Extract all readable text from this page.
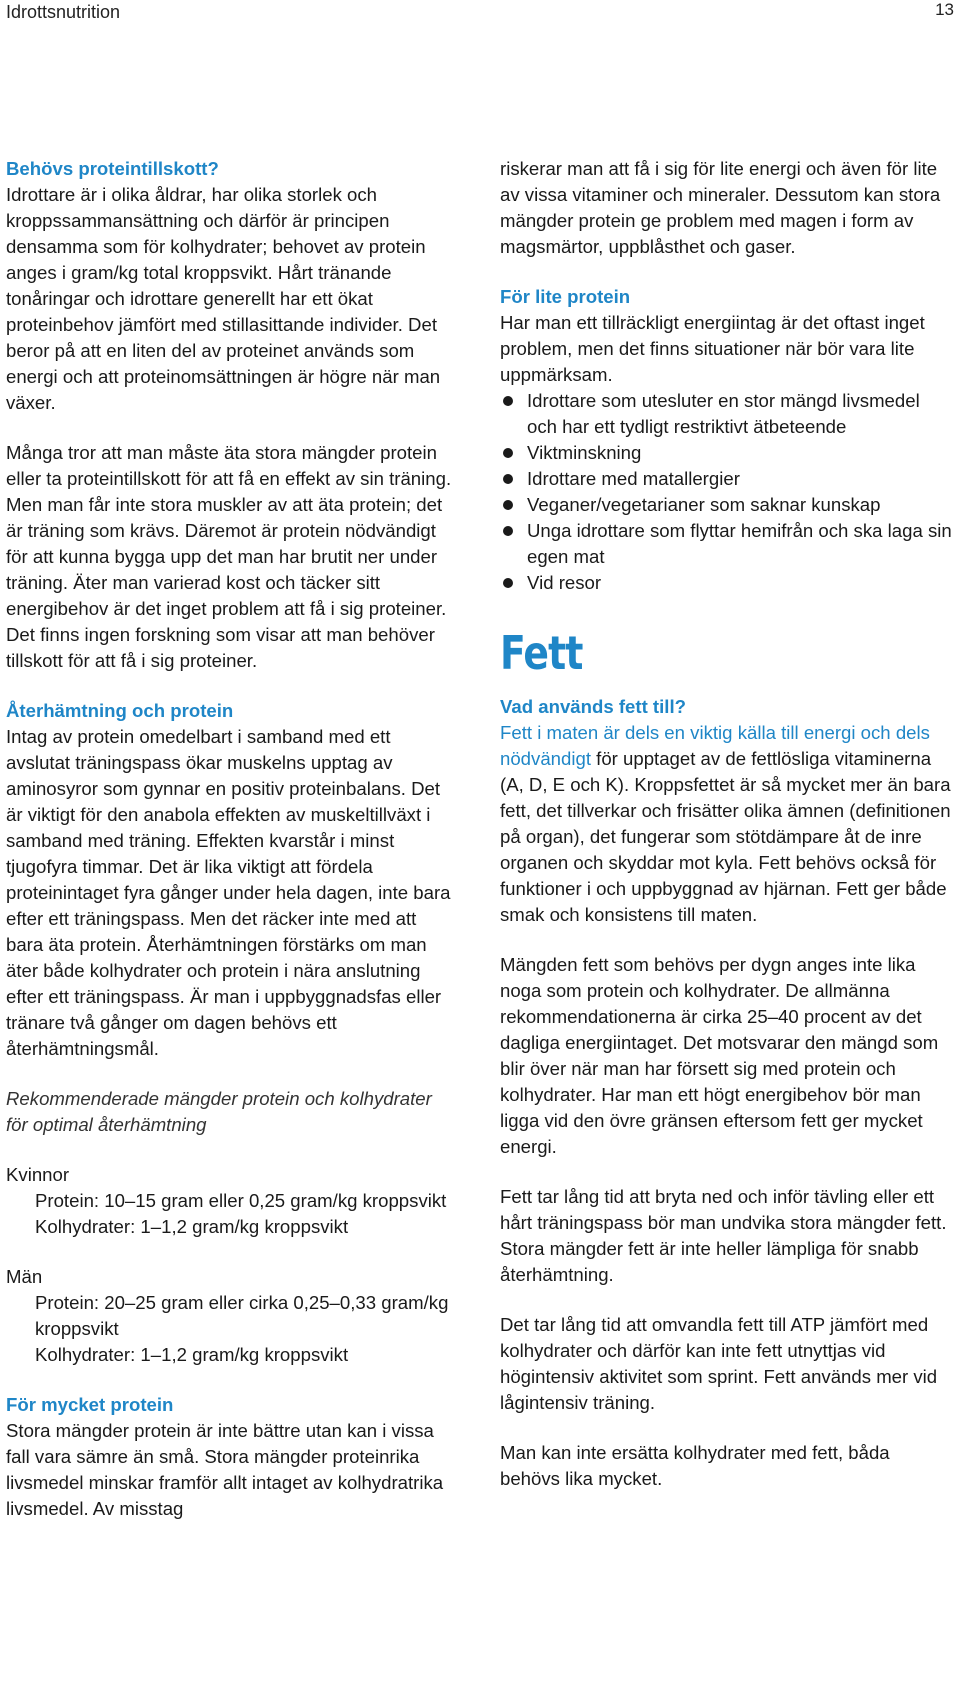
Idrottsnutrition	13
Behövs proteintillskott?

Idrottare är i olika åldrar, har olika storlek och kroppssammansättning och därför är principen densamma som för kolhydrater; behovet av protein anges i gram/kg total kroppsvikt. Hårt tränande tonåringar och idrottare generellt har ett ökat proteinbehov jämfört med stillasittande individer. Det beror på att en liten del av proteinet används som energi och att proteinomsättningen är högre när man växer.

Många tror att man måste äta stora mängder protein eller ta proteintillskott för att få en effekt av sin träning. Men man får inte stora muskler av att äta protein; det är träning som krävs. Däremot är protein nödvändigt för att kunna bygga upp det man har brutit ner under träning. Äter man varierad kost och täcker sitt energibehov är det inget problem att få i sig proteiner. Det finns ingen forskning som visar att man behöver tillskott för att få i sig proteiner.

Återhämtning och protein

Intag av protein omedelbart i samband med ett avslutat träningspass ökar muskelns upptag av aminosyror som gynnar en positiv proteinbalans. Det är viktigt för den anabola effekten av muskeltillväxt i samband med träning. Effekten kvarstår i minst tjugofyra timmar. Det är lika viktigt att fördela proteinintaget fyra gånger under hela dagen, inte bara efter ett träningspass. Men det räcker inte med att bara äta protein. Återhämtningen förstärks om man äter både kolhydrater och protein i nära anslutning efter ett träningspass. Är man i uppbyggnadsfas eller tränare två gånger om dagen behövs ett återhämtningsmål.

Rekommenderade mängder protein och kolhydrater för optimal återhämtning

Kvinnor

Protein: 10–15 gram eller 0,25 gram/kg kroppsvikt

Kolhydrater: 1–1,2 gram/kg kroppsvikt

Män

Protein: 20–25 gram eller cirka 0,25–0,33 gram/kg kroppsvikt

Kolhydrater: 1–1,2 gram/kg kroppsvikt

För mycket protein

Stora mängder protein är inte bättre utan kan i vissa fall vara sämre än små. Stora mängder proteinrika livsmedel minskar framför allt intaget av kolhydratrika livsmedel. Av misstag

riskerar man att få i sig för lite energi och även för lite av vissa vitaminer och mineraler. Dessutom kan stora mängder protein ge problem med magen i form av magsmärtor, uppblåsthet och gaser.

För lite protein

Har man ett tillräckligt energiintag är det oftast inget problem, men det finns situationer när bör vara lite uppmärksam.

Idrottare som utesluter en stor mängd livsmedel och har ett tydligt restriktivt ätbeteende
Viktminskning
Idrottare med matallergier
Veganer/vegetarianer som saknar kunskap
Unga idrottare som flyttar hemifrån och ska laga sin egen mat
Vid resor
Fett
Vad används fett till?

Fett i maten är dels en viktig källa till energi och dels nödvändigt för upptaget av de fettlösliga vitaminerna (A, D, E och K). Kroppsfettet är så mycket mer än bara fett, det tillverkar och frisätter olika ämnen (definitionen på organ), det fungerar som stötdämpare åt de inre organen och skyddar mot kyla. Fett behövs också för funktioner i och uppbyggnad av hjärnan. Fett ger både smak och konsistens till maten.

Mängden fett som behövs per dygn anges inte lika noga som protein och kolhydrater. De allmänna rekommendationerna är cirka 25–40 procent av det dagliga energiintaget. Det motsvarar den mängd som blir över när man har försett sig med protein och kolhydrater. Har man ett högt energibehov bör man ligga vid den övre gränsen eftersom fett ger mycket energi.

Fett tar lång tid att bryta ned och inför tävling eller ett hårt träningspass bör man undvika stora mängder fett. Stora mängder fett är inte heller lämpliga för snabb återhämtning.

Det tar lång tid att omvandla fett till ATP jämfört med kolhydrater och därför kan inte fett utnyttjas vid högintensiv aktivitet som sprint. Fett används mer vid lågintensiv träning.

Man kan inte ersätta kolhydrater med fett, båda behövs lika mycket.
